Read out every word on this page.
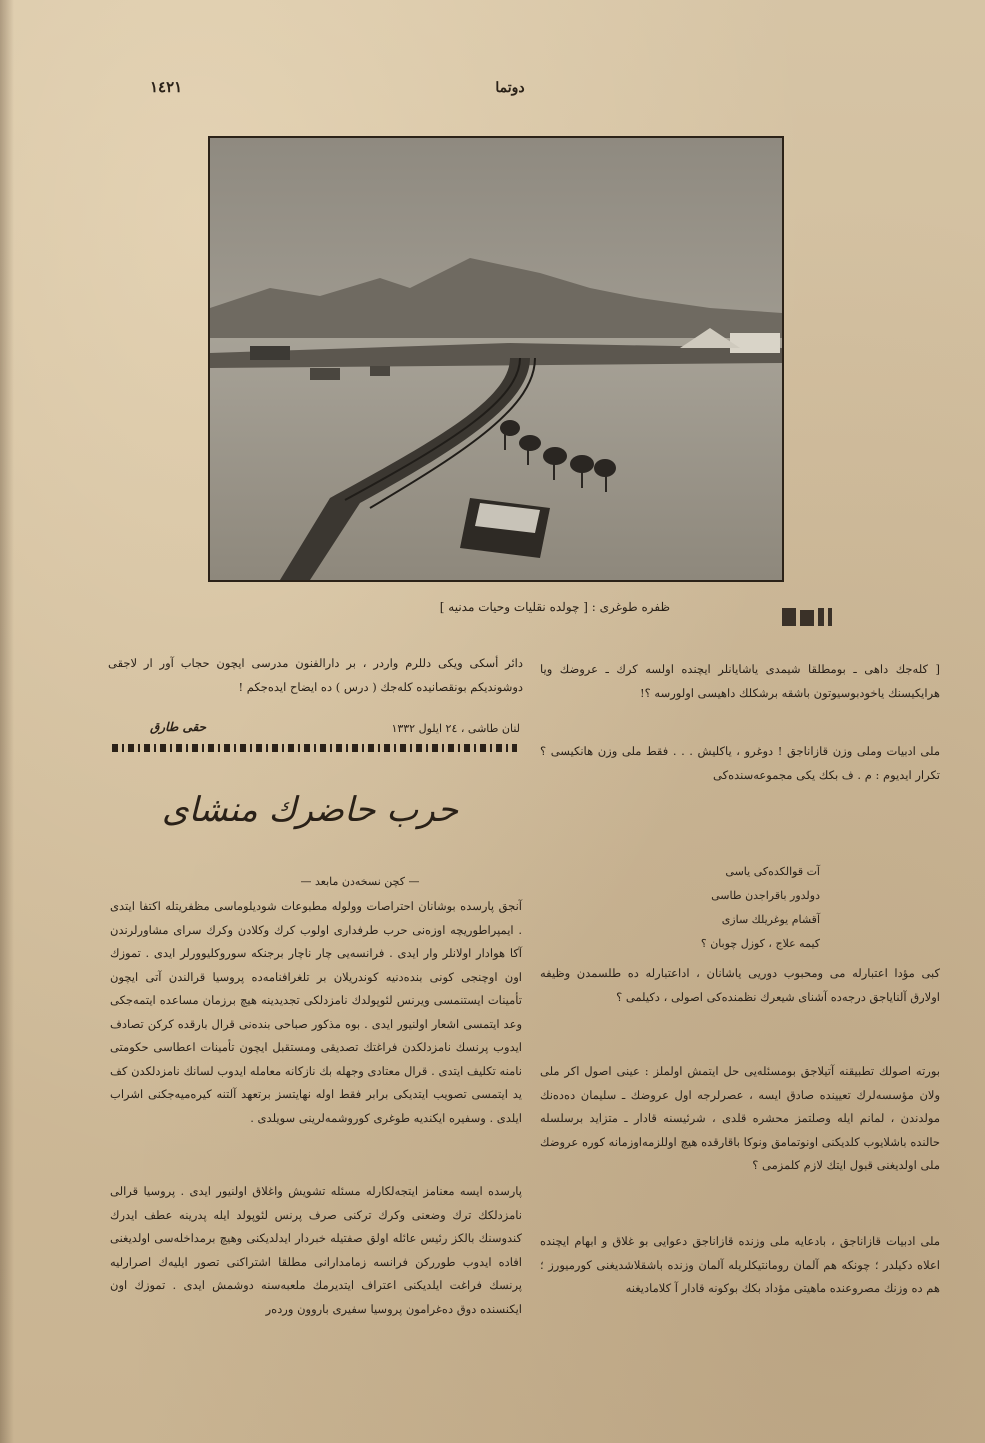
١٤٢١	دوتما
ظفره طوغری : [ چولده نقلیات وحیات مدنیه ]

دائر أسکی ویکی دللرم واردر ، بر دارالفنون مدرسی ایچون حجاب آور ار لاجقی دوشوندیکم بونقصانیده کله‌جك ( درس ) ده ایضاح ایده‌جکم !

لنان طاشی ، ٢٤ ایلول ١٣٣٢
حقی طارق
حرب حاضرك منشای
— کچن نسخه‌دن مابعد —

آنجق پارسده بوشانان احتراصات وولوله مطبوعات شودیلوماسی مظفریتله اکتفا ایتدی . ایمپراطوریچه اوزه‌نی حرب طرفداری اولوب کرك وکلادن وکرك سرای مشاورلرندن آکا هوادار اولانلر وار ایدی . فرانسه‌یی چار ناچار برجنکه سوروکلیوورلر ایدی . تموزك اون اوچنجی کونی بنده‌دنیه کوندریلان بر تلغرافنامه‌ده پروسیا قرالندن آتی ایچون تأمینات ایستنمسی ویرنس لئوپولدك نامزدلکی تجدیدینه هیچ برزمان مساعده ایتمه‌جکی وعد ایتمسی اشعار اولنیور ایدی . بوه مذکور صباحی بنده‌نی قرال بارقده کرکن تصادف ایدوب پرنسك نامزدلکدن فراغتك تصدیقی ومستقبل ایچون تأمینات اعطاسی حکومتی نامنه تکلیف ایتدی . قرال معتادی وجهله بك نازکانه معامله ایدوب لسانك نامزدلکدن کف ید ایتمسی تصویب ایتدیکی برابر فقط اوله نهایتسز برتعهد آلتنه کیره‌میه‌جکنی اشراب ایلدی . وسفیره ایکندیه طوغری کوروشمه‌لرینی سویلدی .

پارسده ایسه معنامز ایتجه‌لکارله مسئله تشویش واغلاق اولنیور ایدی . پروسیا قرالی نامزدلکك ترك وضعنی وکرك ترکنی صرف پرنس لئوپولد ایله پدرینه عطف ایدرك کندوسنك بالکز رئیس عائله اولق صفتیله خبردار ایدلدیکنی وهیچ برمداخله‌سی اولدیغنی افاده ایدوب طوررکن فرانسه زمامدارانی مطلقا اشتراکنی تصور ایلیه‌ك اصرارلیه پرنسك فراغت ایلدیکنی اعتراف ایتدیرمك ملعبه‌سنه دوشمش ایدی . تموزك اون ایکنسنده دوق ده‌غرامون پروسیا سفیری باروون ورده‌ر

[ کله‌جك داهی ـ بومطلقا شیمدی یاشایانلر ایچنده اولسه کرك ـ عروضك ویا هرایکیسنك یاخودبوسیوتون باشقه برشکلك داهیسی اولورسه ؟!

ملی ادبیات وملی وزن قازاناجق ! دوغرو ، یاکلیش . . . فقط ملی وزن هانکیسی ؟ تکرار ایدیوم : م . ف بکك یکی مجموعه‌سنده‌کی

آت قوالکده‌کی یاسی

دولدور باقراجدن طاسی

آقشام یوغریلك سازی

کیمه علاج ، کوزل چوبان ؟

کبی مؤدا اعتبارله می ومحبوب دوریی یاشانان ، اداعتبارله ده طلسمدن وظیفه اولارق آلنایاجق درجه‌ده آشنای شیعرك نظمنده‌کی اصولی ، دکیلمی ؟

بورته اصولك تطبیقنه آتیلاجق بومسئله‌یی حل ایتمش اولملز : عینی اصول اکر ملی ولان مؤسسه‌لرك تعیینده صادق ایسه ، عصرلرجه اول عروضك ـ سلیمان ده‌ده‌نك مولدندن ، لمانم ایله وصلتمز محشره قلدی ، شرئیسنه قادار ـ متزاید برسلسله حالنده باشلایوب کلدیکنی اونوتمامق ونوکا باقارقده هیچ اوللزمه‌اوزمانه کوره عروضك ملی اولدیغنی قبول ایتك لازم کلمزمی ؟

ملی ادبیات قازاناجق ، بادعایه ملی وزنده قازاناجق دعوایی بو غلاق و ابهام ایچنده اعلاه دکیلدر ؛ چونکه هم آلمان رومانتیکلریله آلمان وزنده باشقلاشدیغنی کورمیورز ؛ هم ده وزنك مصروعنده ماهیتی مؤداد بکك بوکونه قادار آ کلامادیغنه
